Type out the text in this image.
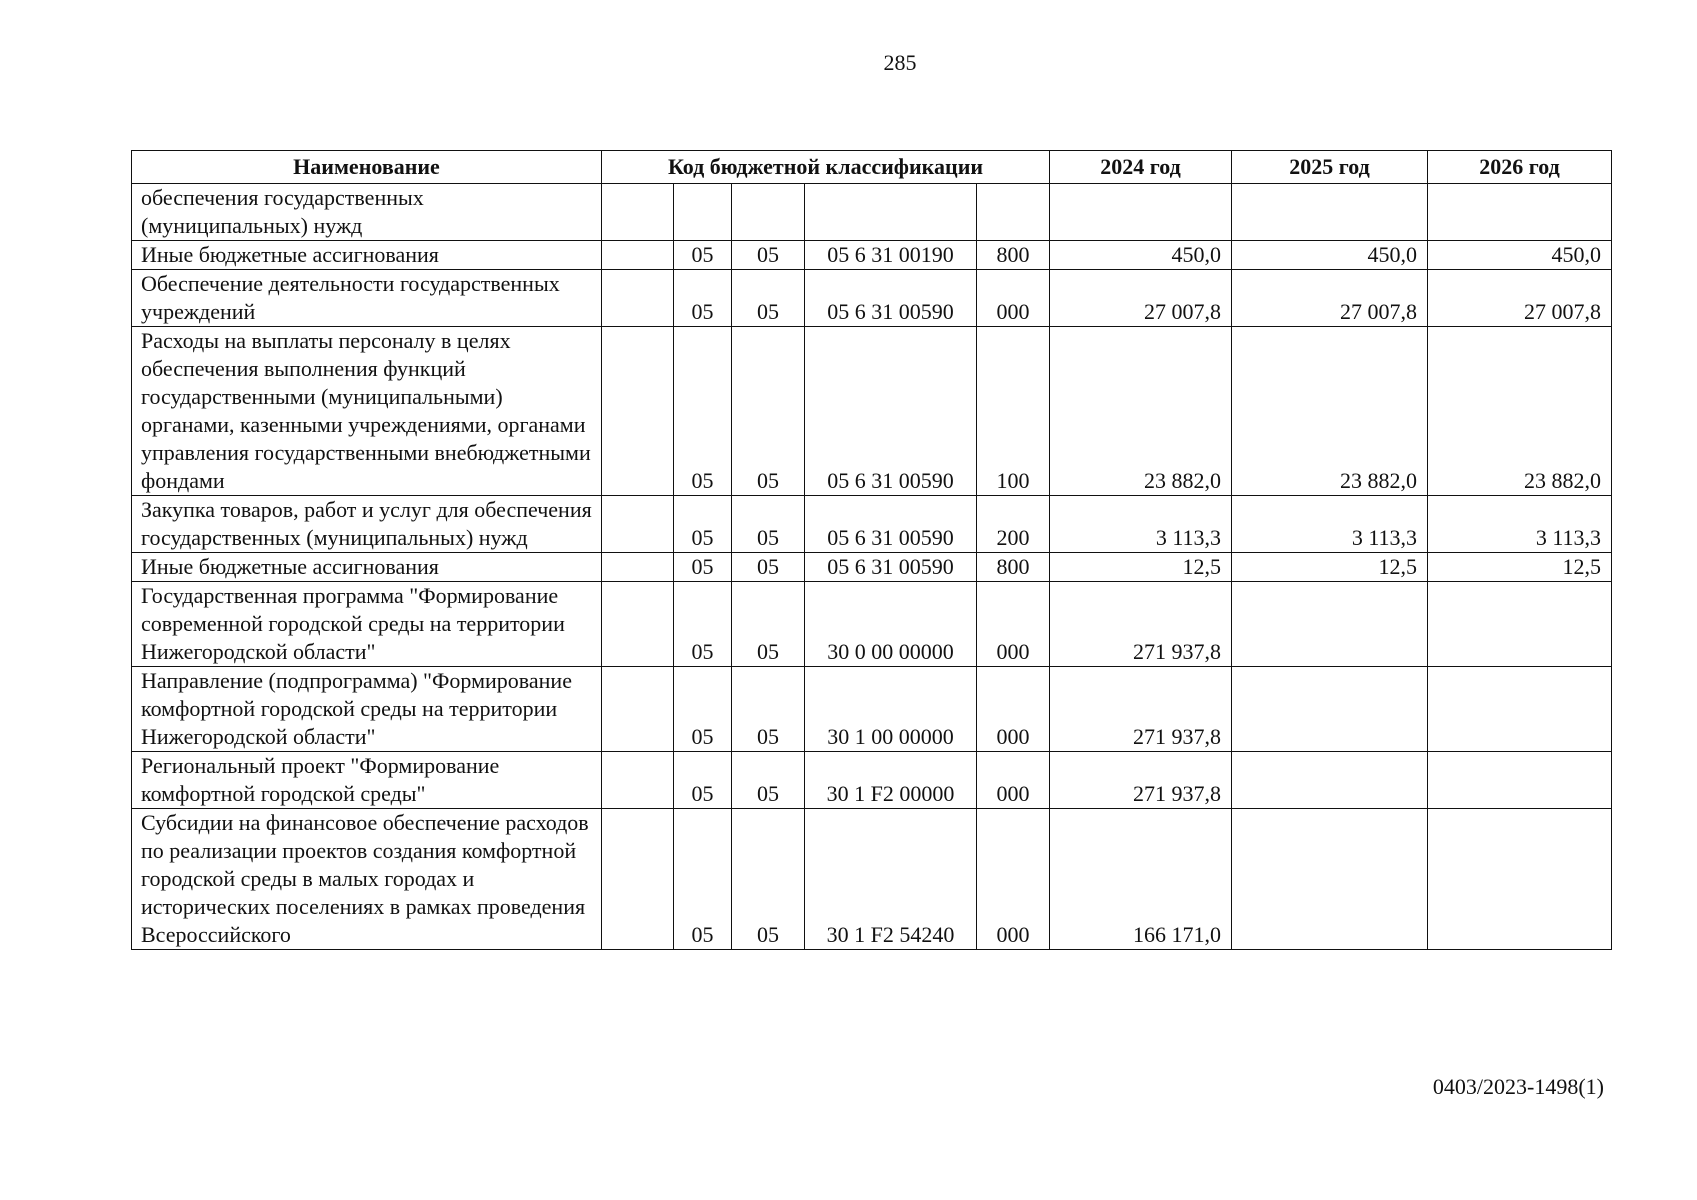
285
Наименование	Код бюджетной классификации					2024 год	2025 год	2026 год
обеспечения государственных (муниципальных) нужд								
Иные бюджетные ассигнования		05	05	05 6 31 00190	800	450,0	450,0	450,0
Обеспечение деятельности государственных учреждений		05	05	05 6 31 00590	000	27 007,8	27 007,8	27 007,8
Расходы на выплаты персоналу в целях обеспечения выполнения функций государственными (муниципальными) органами, казенными учреждениями, органами управления государственными внебюджетными фондами		05	05	05 6 31 00590	100	23 882,0	23 882,0	23 882,0
Закупка товаров, работ и услуг для обеспечения государственных (муниципальных) нужд		05	05	05 6 31 00590	200	3 113,3	3 113,3	3 113,3
Иные бюджетные ассигнования		05	05	05 6 31 00590	800	12,5	12,5	12,5
Государственная программа "Формирование современной городской среды на территории Нижегородской области"		05	05	30 0 00 00000	000	271 937,8		
Направление (подпрограмма) "Формирование комфортной городской среды на территории Нижегородской области"		05	05	30 1 00 00000	000	271 937,8		
Региональный проект "Формирование комфортной городской среды"		05	05	30 1 F2 00000	000	271 937,8		
Субсидии на финансовое обеспечение расходов по реализации проектов создания комфортной городской среды в малых городах и исторических поселениях в рамках проведения Всероссийского		05	05	30 1 F2 54240	000	166 171,0		
0403/2023-1498(1)
